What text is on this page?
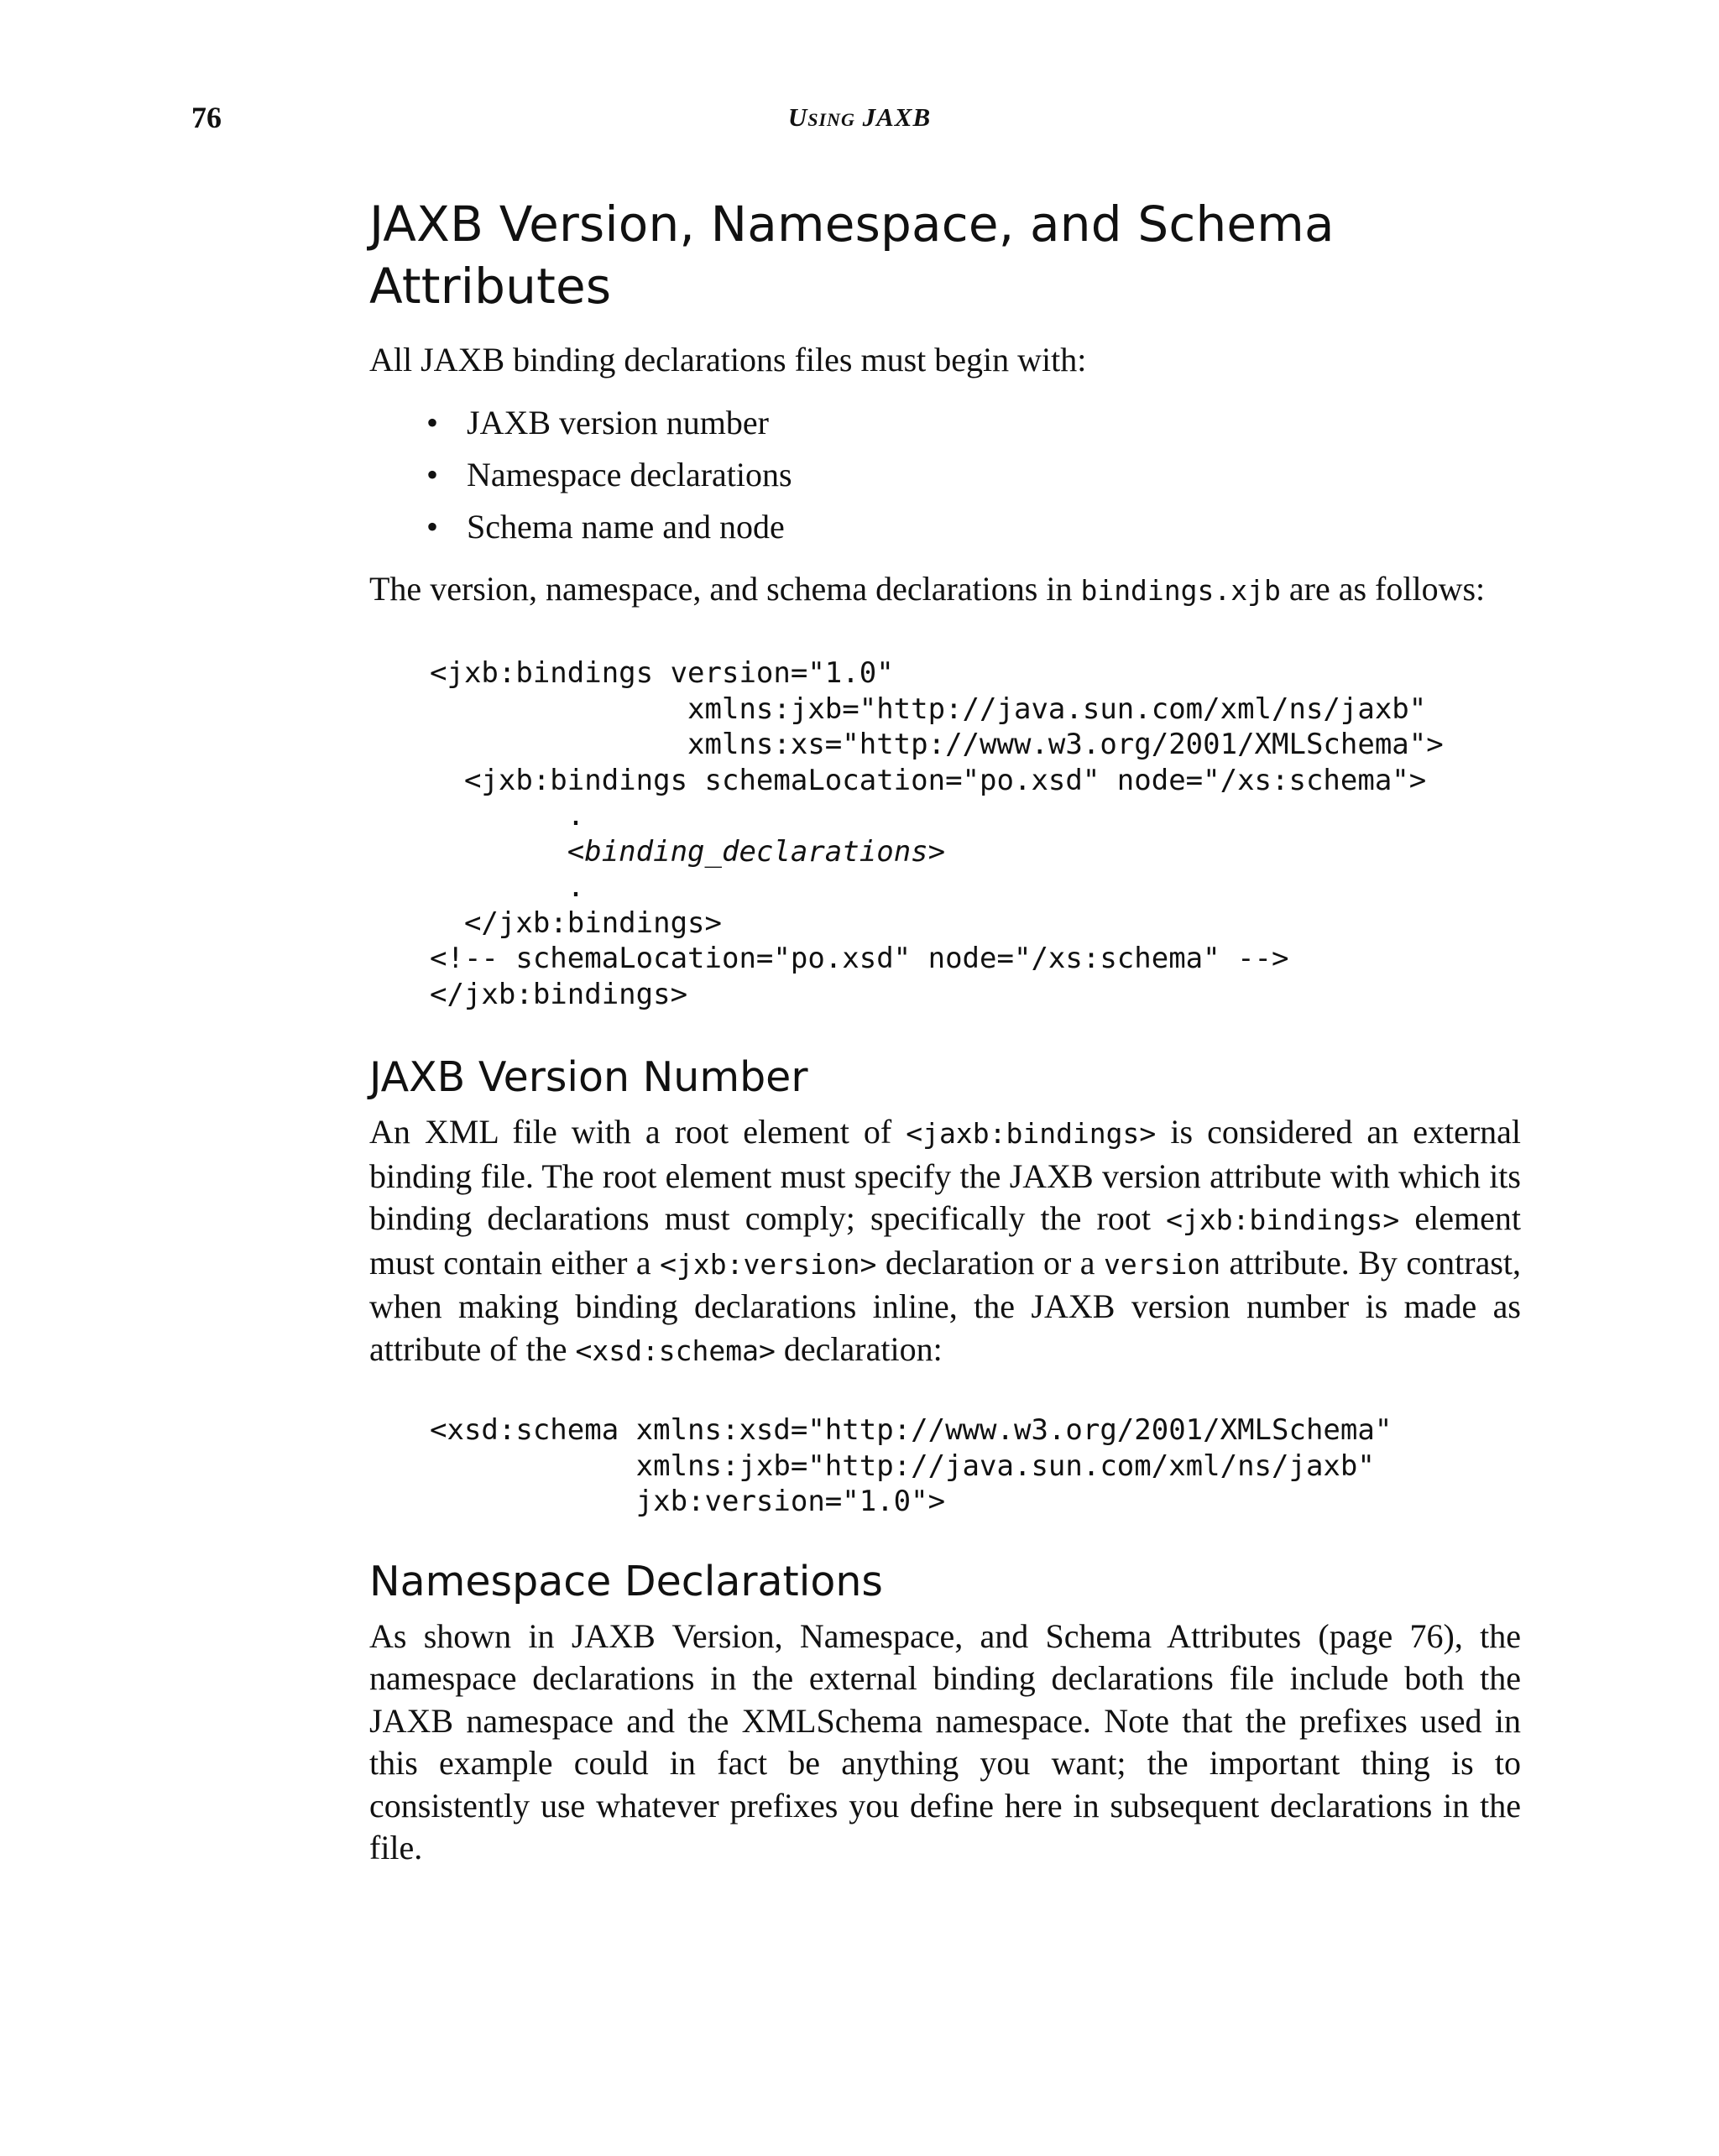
76	Using JAXB
JAXB Version, Namespace, and Schema Attributes

All JAXB binding declarations files must begin with:

• JAXB version number
• Namespace declarations
• Schema name and node

The version, namespace, and schema declarations in bindings.xjb are as follows:

<jxb:bindings version="1.0"
xmlns:jxb="http://java.sun.com/xml/ns/jaxb"
xmlns:xs="http://www.w3.org/2001/XMLSchema">
<jxb:bindings schemaLocation="po.xsd" node="/xs:schema">
.
<binding_declarations>
.
</jxb:bindings>
<!-- schemaLocation="po.xsd" node="/xs:schema" -->
</jxb:bindings>
JAXB Version Number

An XML file with a root element of <jaxb:bindings> is considered an external binding file. The root element must specify the JAXB version attribute with which its binding declarations must comply; specifically the root <jxb:bindings> element must contain either a <jxb:version> declaration or a version attribute. By contrast, when making binding declarations inline, the JAXB version number is made as attribute of the <xsd:schema> declaration:

<xsd:schema xmlns:xsd="http://www.w3.org/2001/XMLSchema"
xmlns:jxb="http://java.sun.com/xml/ns/jaxb"
jxb:version="1.0">
Namespace Declarations

As shown in JAXB Version, Namespace, and Schema Attributes (page 76), the namespace declarations in the external binding declarations file include both the JAXB namespace and the XMLSchema namespace. Note that the prefixes used in this example could in fact be anything you want; the important thing is to consistently use whatever prefixes you define here in subsequent declarations in the file.
